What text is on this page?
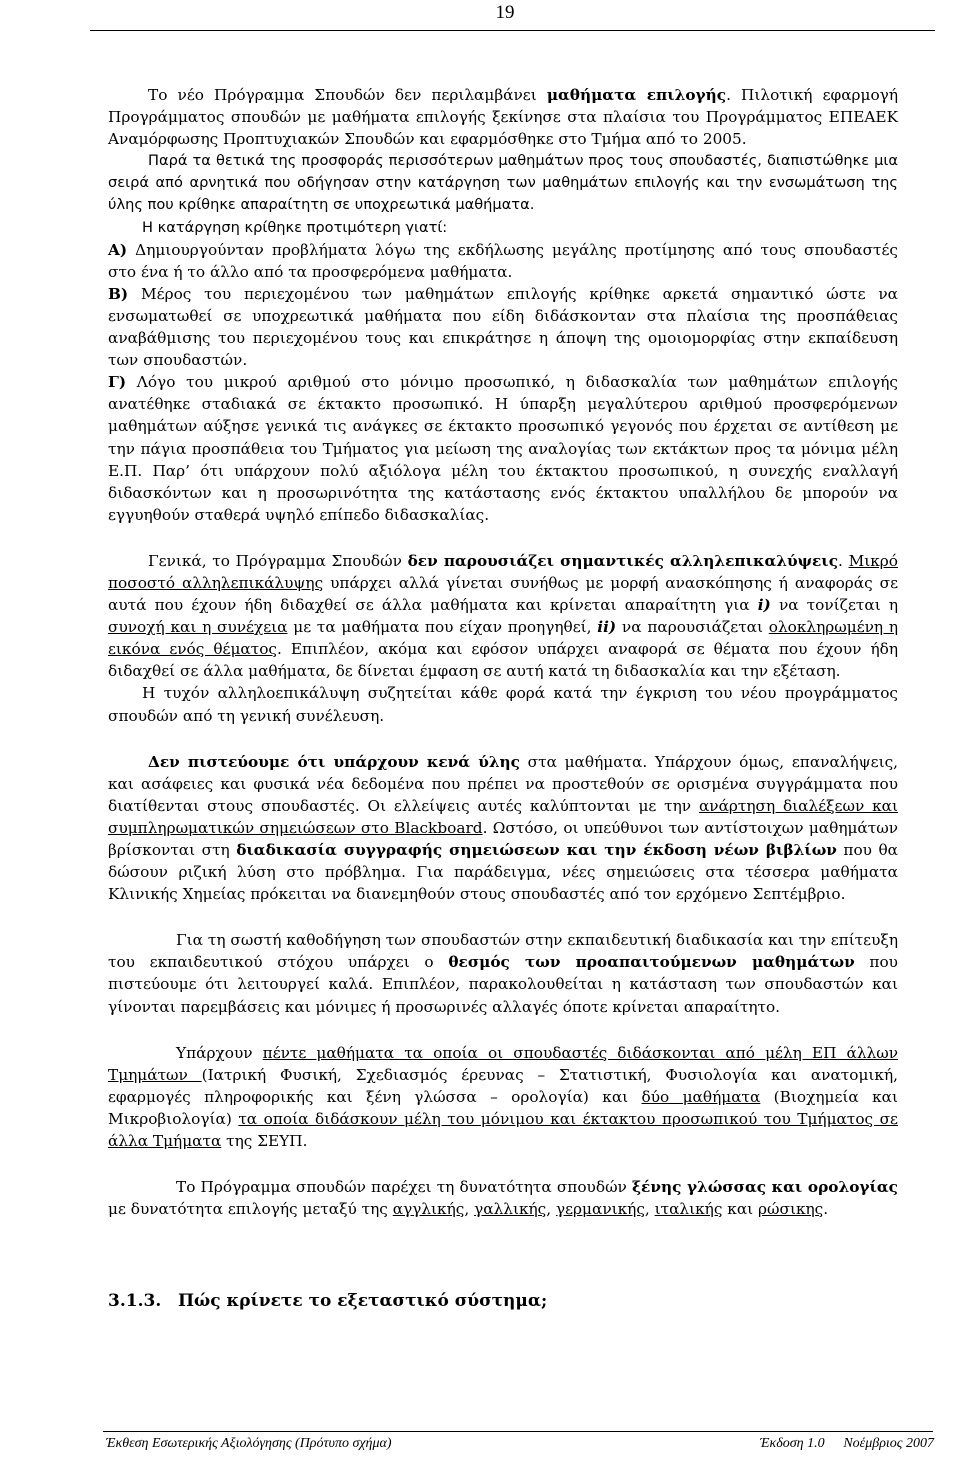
19

Το νέο Πρόγραμμα Σπουδών δεν περιλαμβάνει μαθήματα επιλογής. Πιλοτική εφαρμογή Προγράμματος σπουδών με μαθήματα επιλογής ξεκίνησε στα πλαίσια του Προγράμματος ΕΠΕΑΕΚ Αναμόρφωσης Προπτυχιακών Σπουδών και εφαρμόσθηκε στο Τμήμα από το 2005.

Παρά τα θετικά της προσφοράς περισσότερων μαθημάτων προς τους σπουδαστές, διαπιστώθηκε μια σειρά από αρνητικά που οδήγησαν στην κατάργηση των μαθημάτων επιλογής και την ενσωμάτωση της ύλης που κρίθηκε απαραίτητη σε υποχρεωτικά μαθήματα.

Η κατάργηση κρίθηκε προτιμότερη γιατί:

Α) Δημιουργούνταν προβλήματα λόγω της εκδήλωσης μεγάλης προτίμησης από τους σπουδαστές στο ένα ή το άλλο από τα προσφερόμενα μαθήματα.

Β) Μέρος του περιεχομένου των μαθημάτων επιλογής κρίθηκε αρκετά σημαντικό ώστε να ενσωματωθεί σε υποχρεωτικά μαθήματα που είδη διδάσκονταν στα πλαίσια της προσπάθειας αναβάθμισης του περιεχομένου τους και επικράτησε η άποψη της ομοιομορφίας στην εκπαίδευση των σπουδαστών.

Γ) Λόγο του μικρού αριθμού στο μόνιμο προσωπικό, η διδασκαλία των μαθημάτων επιλογής ανατέθηκε σταδιακά σε έκτακτο προσωπικό. Η ύπαρξη μεγαλύτερου αριθμού προσφερόμενων μαθημάτων αύξησε γενικά τις ανάγκες σε έκτακτο προσωπικό γεγονός που έρχεται σε αντίθεση με την πάγια προσπάθεια του Τμήματος για μείωση της αναλογίας των εκτάκτων προς τα μόνιμα μέλη Ε.Π. Παρ’ ότι υπάρχουν πολύ αξιόλογα μέλη του έκτακτου προσωπικού, η συνεχής εναλλαγή διδασκόντων και η προσωρινότητα της κατάστασης ενός έκτακτου υπαλλήλου δε μπορούν να εγγυηθούν σταθερά υψηλό επίπεδο διδασκαλίας.

Γενικά, το Πρόγραμμα Σπουδών δεν παρουσιάζει σημαντικές αλληλεπικαλύψεις. Μικρό ποσοστό αλληλεπικάλυψης υπάρχει αλλά γίνεται συνήθως με μορφή ανασκόπησης ή αναφοράς σε αυτά που έχουν ήδη διδαχθεί σε άλλα μαθήματα και κρίνεται απαραίτητη για i) να τονίζεται η συνοχή και η συνέχεια με τα μαθήματα που είχαν προηγηθεί, ii) να παρουσιάζεται ολοκληρωμένη η εικόνα ενός θέματος. Επιπλέον, ακόμα και εφόσον υπάρχει αναφορά σε θέματα που έχουν ήδη διδαχθεί σε άλλα μαθήματα, δε δίνεται έμφαση σε αυτή κατά τη διδασκαλία και την εξέταση.

Η τυχόν αλληλοεπικάλυψη συζητείται κάθε φορά κατά την έγκριση του νέου προγράμματος σπουδών από τη γενική συνέλευση.

Δεν πιστεύουμε ότι υπάρχουν κενά ύλης στα μαθήματα. Υπάρχουν όμως, επαναλήψεις, και ασάφειες και φυσικά νέα δεδομένα που πρέπει να προστεθούν σε ορισμένα συγγράμματα που διατίθενται στους σπουδαστές. Οι ελλείψεις αυτές καλύπτονται με την ανάρτηση διαλέξεων και συμπληρωματικών σημειώσεων στο Blackboard. Ωστόσο, οι υπεύθυνοι των αντίστοιχων μαθημάτων βρίσκονται στη διαδικασία συγγραφής σημειώσεων και την έκδοση νέων βιβλίων που θα δώσουν ριζική λύση στο πρόβλημα. Για παράδειγμα, νέες σημειώσεις στα τέσσερα μαθήματα Κλινικής Χημείας πρόκειται να διανεμηθούν στους σπουδαστές από τον ερχόμενο Σεπτέμβριο.

Για τη σωστή καθοδήγηση των σπουδαστών στην εκπαιδευτική διαδικασία και την επίτευξη του εκπαιδευτικού στόχου υπάρχει ο θεσμός των προαπαιτούμενων μαθημάτων που πιστεύουμε ότι λειτουργεί καλά. Επιπλέον, παρακολουθείται η κατάσταση των σπουδαστών και γίνονται παρεμβάσεις και μόνιμες ή προσωρινές αλλαγές όποτε κρίνεται απαραίτητο.

Υπάρχουν πέντε μαθήματα τα οποία οι σπουδαστές διδάσκονται από μέλη ΕΠ άλλων Τμημάτων (Ιατρική Φυσική, Σχεδιασμός έρευνας – Στατιστική, Φυσιολογία και ανατομική, εφαρμογές πληροφορικής και ξένη γλώσσα – ορολογία) και δύο μαθήματα (Βιοχημεία και Μικροβιολογία) τα οποία διδάσκουν μέλη του μόνιμου και έκτακτου προσωπικού του Τμήματος σε άλλα Τμήματα της ΣΕΥΠ.

Το Πρόγραμμα σπουδών παρέχει τη δυνατότητα σπουδών ξένης γλώσσας και ορολογίας με δυνατότητα επιλογής μεταξύ της αγγλικής, γαλλικής, γερμανικής, ιταλικής και ρώσικης.

3.1.3. Πώς κρίνετε το εξεταστικό σύστημα;

Έκθεση Εσωτερικής Αξιολόγησης (Πρότυπο σχήμα)	Έκδοση 1.0 Νοέμβριος 2007
